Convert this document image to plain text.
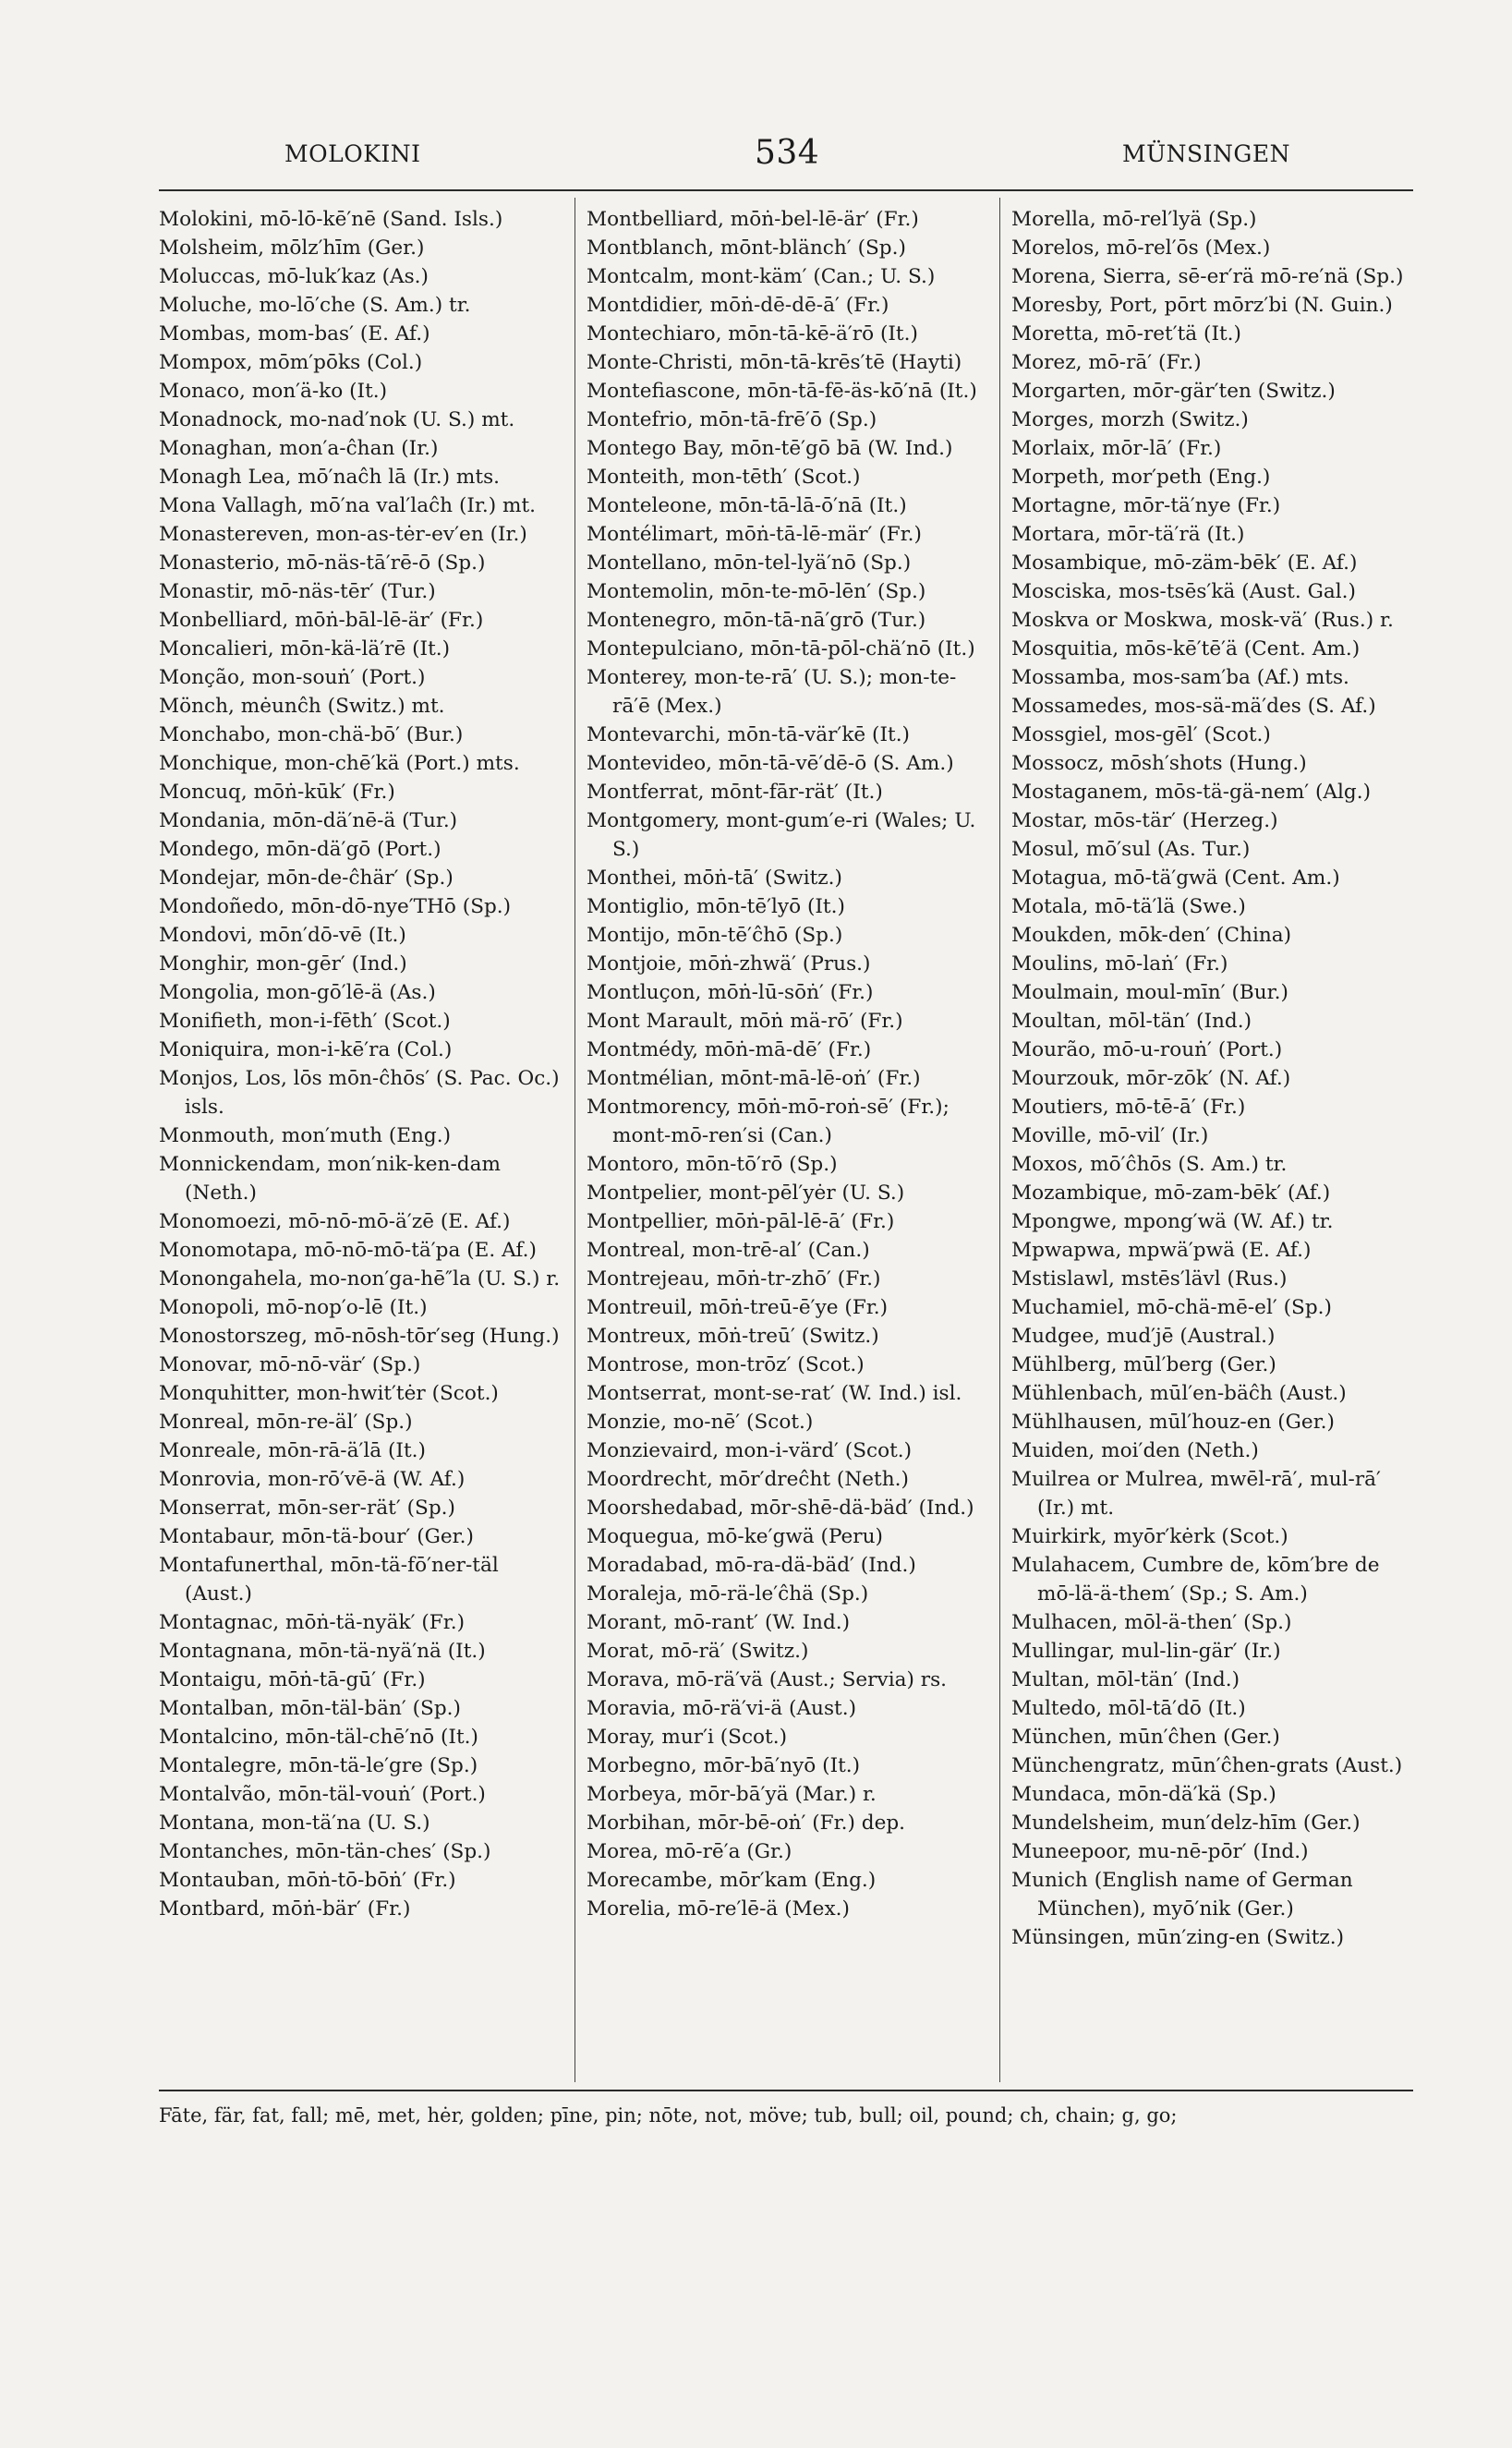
MOLOKINI	534	MÜNSINGEN
Molokini, mō-lō-kē′nē (Sand. Isls.)
Molsheim, mōlz′hīm (Ger.)
Moluccas, mō-luk′kaz (As.)
Moluche, mo-lō′che (S. Am.) tr.
Mombas, mom-bas′ (E. Af.)
Mompox, mōm′pōks (Col.)
Monaco, mon′ä-ko (It.)
Monadnock, mo-nad′nok (U. S.) mt.
Monaghan, mon′a-ĉhan (Ir.)
Monagh Lea, mō′naĉh lā (Ir.) mts.
Mona Vallagh, mō′na val′laĉh (Ir.) mt.
Monastereven, mon-as-tėr-ev′en (Ir.)
Monasterio, mō-näs-tā′rē-ō (Sp.)
Monastir, mō-näs-tēr′ (Tur.)
Monbelliard, mōṅ-bāl-lē-är′ (Fr.)
Moncalieri, mōn-kä-lä′rē (It.)
Monção, mon-souṅ′ (Port.)
Mönch, mėunĉh (Switz.) mt.
Monchabo, mon-chä-bō′ (Bur.)
Monchique, mon-chē′kä (Port.) mts.
Moncuq, mōṅ-kūk′ (Fr.)
Mondania, mōn-dä′nē-ä (Tur.)
Mondego, mōn-dä′gō (Port.)
Mondejar, mōn-de-ĉhär′ (Sp.)
Mondoñedo, mōn-dō-nye′THō (Sp.)
Mondovi, mōn′dō-vē (It.)
Monghir, mon-gēr′ (Ind.)
Mongolia, mon-gō′lē-ä (As.)
Monifieth, mon-i-fēth′ (Scot.)
Moniquira, mon-i-kē′ra (Col.)
Monjos, Los, lōs mōn-ĉhōs′ (S. Pac. Oc.) isls.
Monmouth, mon′muth (Eng.)
Monnickendam, mon′nik-ken-dam (Neth.)
Monomoezi, mō-nō-mō-ä′zē (E. Af.)
Monomotapa, mō-nō-mō-tä′pa (E. Af.)
Monongahela, mo-non′ga-hē″la (U. S.) r.
Monopoli, mō-nop′o-lē (It.)
Monostorszeg, mō-nōsh-tōr′seg (Hung.)
Monovar, mō-nō-vär′ (Sp.)
Monquhitter, mon-hwit′tėr (Scot.)
Monreal, mōn-re-äl′ (Sp.)
Monreale, mōn-rā-ä′lā (It.)
Monrovia, mon-rō′vē-ä (W. Af.)
Monserrat, mōn-ser-rät′ (Sp.)
Montabaur, mōn-tä-bour′ (Ger.)
Montafunerthal, mōn-tä-fō′ner-täl (Aust.)
Montagnac, mōṅ-tä-nyäk′ (Fr.)
Montagnana, mōn-tä-nyä′nä (It.)
Montaigu, mōṅ-tā-gū′ (Fr.)
Montalban, mōn-täl-bän′ (Sp.)
Montalcino, mōn-täl-chē′nō (It.)
Montalegre, mōn-tä-le′gre (Sp.)
Montalvão, mōn-täl-vouṅ′ (Port.)
Montana, mon-tä′na (U. S.)
Montanches, mōn-tän-ches′ (Sp.)
Montauban, mōṅ-tō-bōṅ′ (Fr.)
Montbard, mōṅ-bär′ (Fr.)
Montbelliard, mōṅ-bel-lē-är′ (Fr.)
Montblanch, mōnt-blänch′ (Sp.)
Montcalm, mont-käm′ (Can.; U. S.)
Montdidier, mōṅ-dē-dē-ā′ (Fr.)
Montechiaro, mōn-tā-kē-ä′rō (It.)
Monte-Christi, mōn-tā-krēs′tē (Hayti)
Montefiascone, mōn-tā-fē-äs-kō′nā (It.)
Montefrio, mōn-tā-frē′ō (Sp.)
Montego Bay, mōn-tē′gō bā (W. Ind.)
Monteith, mon-tēth′ (Scot.)
Monteleone, mōn-tā-lā-ō′nā (It.)
Montélimart, mōṅ-tā-lē-mär′ (Fr.)
Montellano, mōn-tel-lyä′nō (Sp.)
Montemolin, mōn-te-mō-lēn′ (Sp.)
Montenegro, mōn-tā-nā′grō (Tur.)
Montepulciano, mōn-tā-pōl-chä′nō (It.)
Monterey, mon-te-rā′ (U. S.); mon-te-rā′ē (Mex.)
Montevarchi, mōn-tā-vär′kē (It.)
Montevideo, mōn-tā-vē′dē-ō (S. Am.)
Montferrat, mōnt-fār-rät′ (It.)
Montgomery, mont-gum′e-ri (Wales; U. S.)
Monthei, mōṅ-tā′ (Switz.)
Montiglio, mōn-tē′lyō (It.)
Montijo, mōn-tē′ĉhō (Sp.)
Montjoie, mōṅ-zhwä′ (Prus.)
Montluçon, mōṅ-lū-sōṅ′ (Fr.)
Mont Marault, mōṅ mä-rō′ (Fr.)
Montmédy, mōṅ-mā-dē′ (Fr.)
Montmélian, mōnt-mā-lē-oṅ′ (Fr.)
Montmorency, mōṅ-mō-roṅ-sē′ (Fr.); mont-mō-ren′si (Can.)
Montoro, mōn-tō′rō (Sp.)
Montpelier, mont-pēl′yėr (U. S.)
Montpellier, mōṅ-pāl-lē-ā′ (Fr.)
Montreal, mon-trē-al′ (Can.)
Montrejeau, mōṅ-tr-zhō′ (Fr.)
Montreuil, mōṅ-treū-ē′ye (Fr.)
Montreux, mōṅ-treū′ (Switz.)
Montrose, mon-trōz′ (Scot.)
Montserrat, mont-se-rat′ (W. Ind.) isl.
Monzie, mo-nē′ (Scot.)
Monzievaird, mon-i-värd′ (Scot.)
Moordrecht, mōr′dreĉht (Neth.)
Moorshedabad, mōr-shē-dä-bäd′ (Ind.)
Moquegua, mō-ke′gwä (Peru)
Moradabad, mō-ra-dä-bäd′ (Ind.)
Moraleja, mō-rä-le′ĉhä (Sp.)
Morant, mō-rant′ (W. Ind.)
Morat, mō-rä′ (Switz.)
Morava, mō-rä′vä (Aust.; Servia) rs.
Moravia, mō-rä′vi-ä (Aust.)
Moray, mur′i (Scot.)
Morbegno, mōr-bā′nyō (It.)
Morbeya, mōr-bā′yä (Mar.) r.
Morbihan, mōr-bē-oṅ′ (Fr.) dep.
Morea, mō-rē′a (Gr.)
Morecambe, mōr′kam (Eng.)
Morelia, mō-re′lē-ä (Mex.)
Morella, mō-rel′lyä (Sp.)
Morelos, mō-rel′ōs (Mex.)
Morena, Sierra, sē-er′rä mō-re′nä (Sp.)
Moresby, Port, pōrt mōrz′bi (N. Guin.)
Moretta, mō-ret′tä (It.)
Morez, mō-rā′ (Fr.)
Morgarten, mōr-gär′ten (Switz.)
Morges, morzh (Switz.)
Morlaix, mōr-lā′ (Fr.)
Morpeth, mor′peth (Eng.)
Mortagne, mōr-tä′nye (Fr.)
Mortara, mōr-tä′rä (It.)
Mosambique, mō-zäm-bēk′ (E. Af.)
Mosciska, mos-tsēs′kä (Aust. Gal.)
Moskva or Moskwa, mosk-vä′ (Rus.) r.
Mosquitia, mōs-kē′tē′ä (Cent. Am.)
Mossamba, mos-sam′ba (Af.) mts.
Mossamedes, mos-sä-mä′des (S. Af.)
Mossgiel, mos-gēl′ (Scot.)
Mossocz, mōsh′shots (Hung.)
Mostaganem, mōs-tä-gä-nem′ (Alg.)
Mostar, mōs-tär′ (Herzeg.)
Mosul, mō′sul (As. Tur.)
Motagua, mō-tä′gwä (Cent. Am.)
Motala, mō-tä′lä (Swe.)
Moukden, mōk-den′ (China)
Moulins, mō-laṅ′ (Fr.)
Moulmain, moul-mīn′ (Bur.)
Moultan, mōl-tän′ (Ind.)
Mourão, mō-u-rouṅ′ (Port.)
Mourzouk, mōr-zōk′ (N. Af.)
Moutiers, mō-tē-ā′ (Fr.)
Moville, mō-vil′ (Ir.)
Moxos, mō′ĉhōs (S. Am.) tr.
Mozambique, mō-zam-bēk′ (Af.)
Mpongwe, mpong′wä (W. Af.) tr.
Mpwapwa, mpwä′pwä (E. Af.)
Mstislawl, mstēs′lävl (Rus.)
Muchamiel, mō-chä-mē-el′ (Sp.)
Mudgee, mud′jē (Austral.)
Mühlberg, mūl′berg (Ger.)
Mühlenbach, mūl′en-bäĉh (Aust.)
Mühlhausen, mūl′houz-en (Ger.)
Muiden, moi′den (Neth.)
Muilrea or Mulrea, mwēl-rā′, mul-rā′ (Ir.) mt.
Muirkirk, myōr′kėrk (Scot.)
Mulahacem, Cumbre de, kōm′bre de mō-lä-ä-them′ (Sp.; S. Am.)
Mulhacen, mōl-ä-then′ (Sp.)
Mullingar, mul-lin-gär′ (Ir.)
Multan, mōl-tän′ (Ind.)
Multedo, mōl-tā′dō (It.)
München, mūn′ĉhen (Ger.)
Münchengratz, mūn′ĉhen-grats (Aust.)
Mundaca, mōn-dä′kä (Sp.)
Mundelsheim, mun′delz-hīm (Ger.)
Muneepoor, mu-nē-pōr′ (Ind.)
Munich (English name of German München), myō′nik (Ger.)
Münsingen, mūn′zing-en (Switz.)
Fāte, fär, fat, fall; mē, met, hėr, golden; pīne, pin; nōte, not, möve; tub, bull; oil, pound; ch, chain; g, go;
